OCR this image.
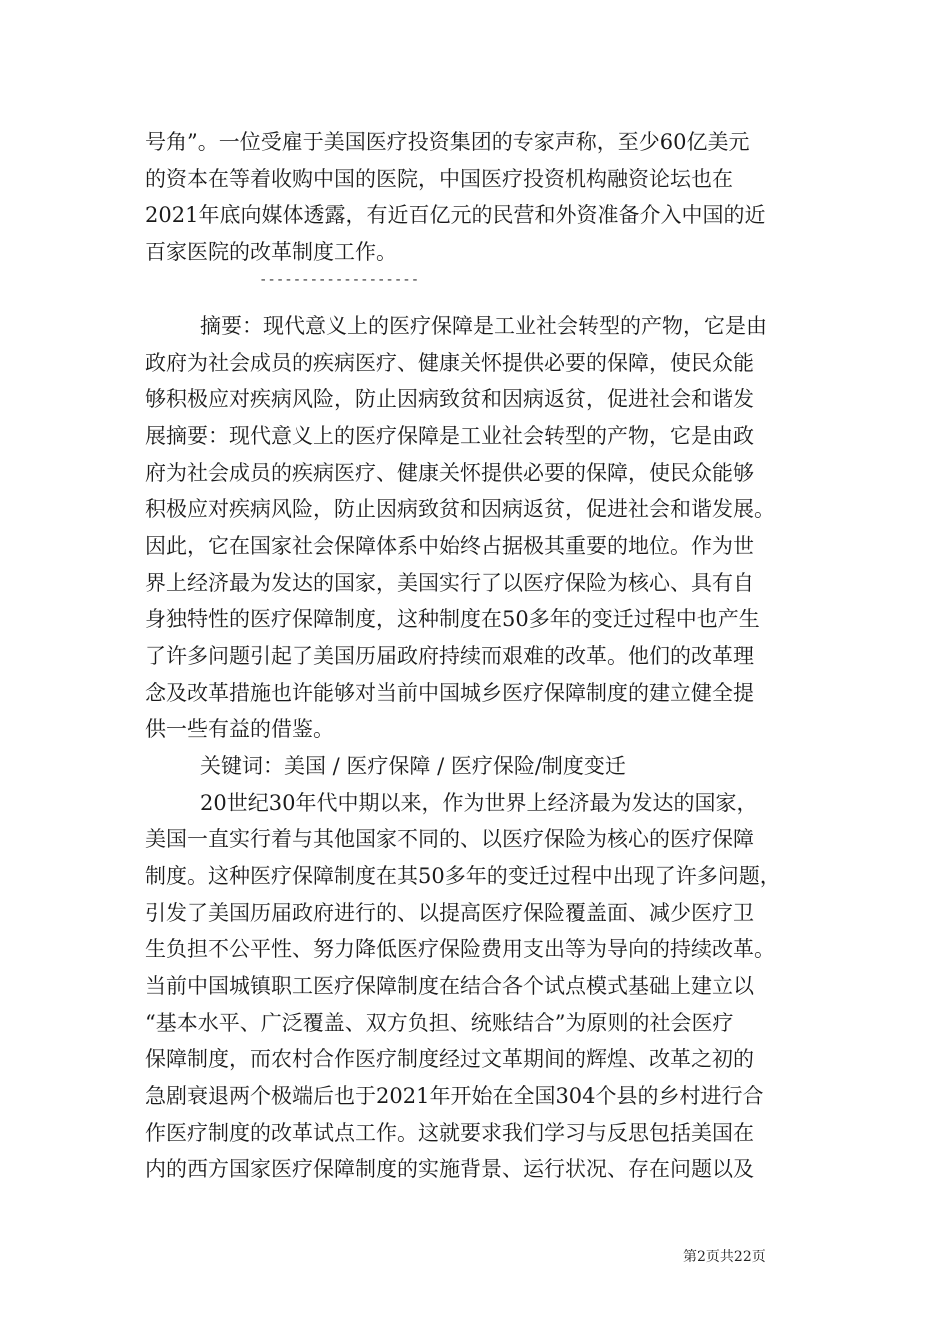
号角”。一位受雇于美国医疗投资集团的专家声称，至少60亿美元
的资本在等着收购中国的医院，中国医疗投资机构融资论坛也在
2021年底向媒体透露，有近百亿元的民营和外资准备介入中国的近
百家医院的改革制度工作。
-------------------
摘要：现代意义上的医疗保障是工业社会转型的产物，它是由
政府为社会成员的疾病医疗、健康关怀提供必要的保障，使民众能
够积极应对疾病风险，防止因病致贫和因病返贫，促进社会和谐发
展摘要：现代意义上的医疗保障是工业社会转型的产物，它是由政
府为社会成员的疾病医疗、健康关怀提供必要的保障，使民众能够
积极应对疾病风险，防止因病致贫和因病返贫，促进社会和谐发展。
因此，它在国家社会保障体系中始终占据极其重要的地位。作为世
界上经济最为发达的国家，美国实行了以医疗保险为核心、具有自
身独特性的医疗保障制度，这种制度在50多年的变迁过程中也产生
了许多问题引起了美国历届政府持续而艰难的改革。他们的改革理
念及改革措施也许能够对当前中国城乡医疗保障制度的建立健全提
供一些有益的借鉴。
关键词：美国 / 医疗保障 / 医疗保险/制度变迁
20世纪30年代中期以来，作为世界上经济最为发达的国家，
美国一直实行着与其他国家不同的、以医疗保险为核心的医疗保障
制度。这种医疗保障制度在其50多年的变迁过程中出现了许多问题，
引发了美国历届政府进行的、以提高医疗保险覆盖面、减少医疗卫
生负担不公平性、努力降低医疗保险费用支出等为导向的持续改革。
当前中国城镇职工医疗保障制度在结合各个试点模式基础上建立以
“基本水平、广泛覆盖、双方负担、统账结合”为原则的社会医疗
保障制度，而农村合作医疗制度经过文革期间的辉煌、改革之初的
急剧衰退两个极端后也于2021年开始在全国304个县的乡村进行合
作医疗制度的改革试点工作。这就要求我们学习与反思包括美国在
内的西方国家医疗保障制度的实施背景、运行状况、存在问题以及
第2页共22页
